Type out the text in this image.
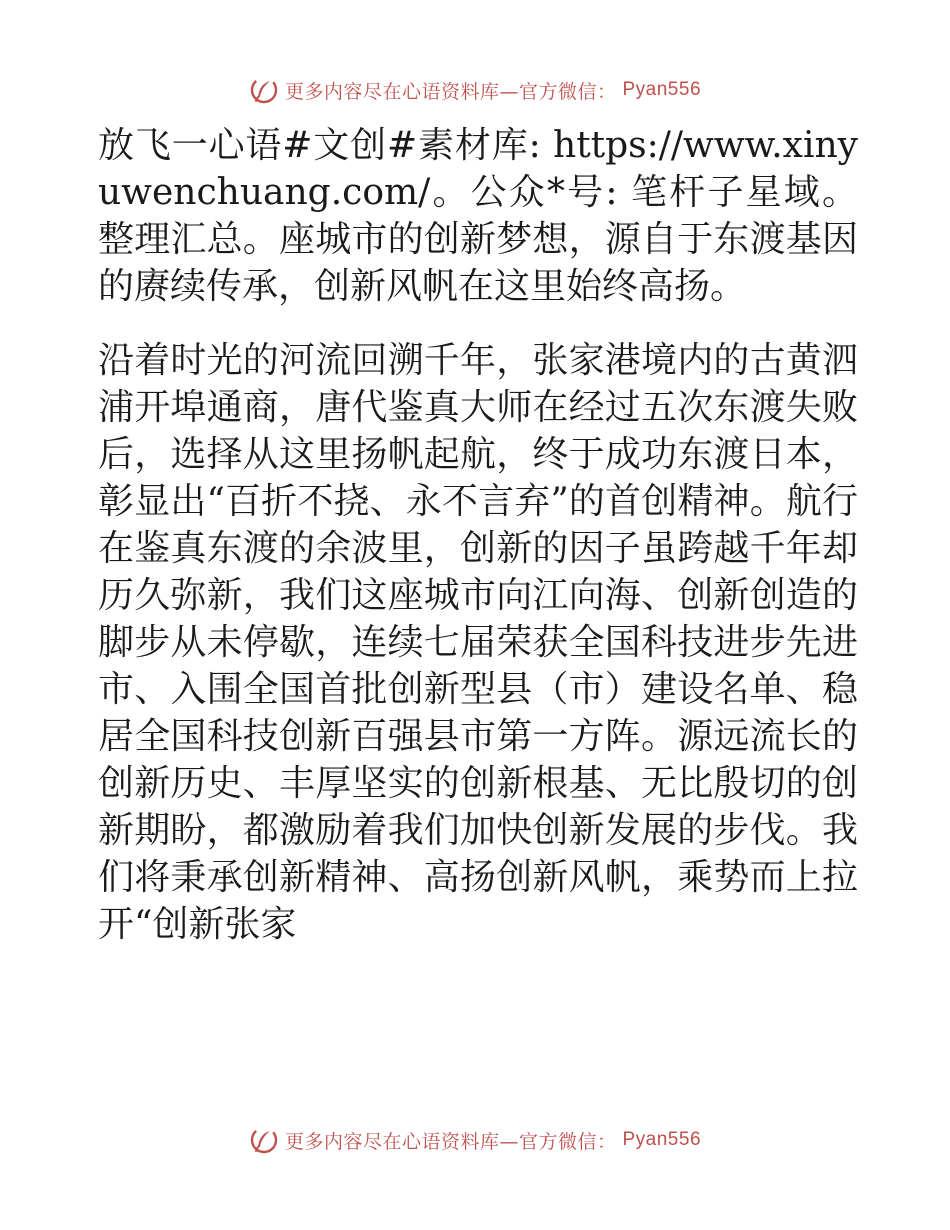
更多内容尽在心语资料库—官方微信： Pyan556

放飞一心语#文创#素材库: https://www.xinyuwenchuang.com/。公众*号: 笔杆子星域。整理汇总。座城市的创新梦想，源自于东渡基因的赓续传承，创新风帆在这里始终高扬。

沿着时光的河流回溯千年，张家港境内的古黄泗浦开埠通商，唐代鉴真大师在经过五次东渡失败后，选择从这里扬帆起航，终于成功东渡日本，彰显出“百折不挠、永不言弃”的首创精神。航行在鉴真东渡的余波里，创新的因子虽跨越千年却历久弥新，我们这座城市向江向海、创新创造的脚步从未停歇，连续七届荣获全国科技进步先进市、入围全国首批创新型县（市）建设名单、稳居全国科技创新百强县市第一方阵。源远流长的创新历史、丰厚坚实的创新根基、无比殷切的创新期盼，都激励着我们加快创新发展的步伐。我们将秉承创新精神、高扬创新风帆，乘势而上拉开“创新张家

更多内容尽在心语资料库—官方微信： Pyan556
